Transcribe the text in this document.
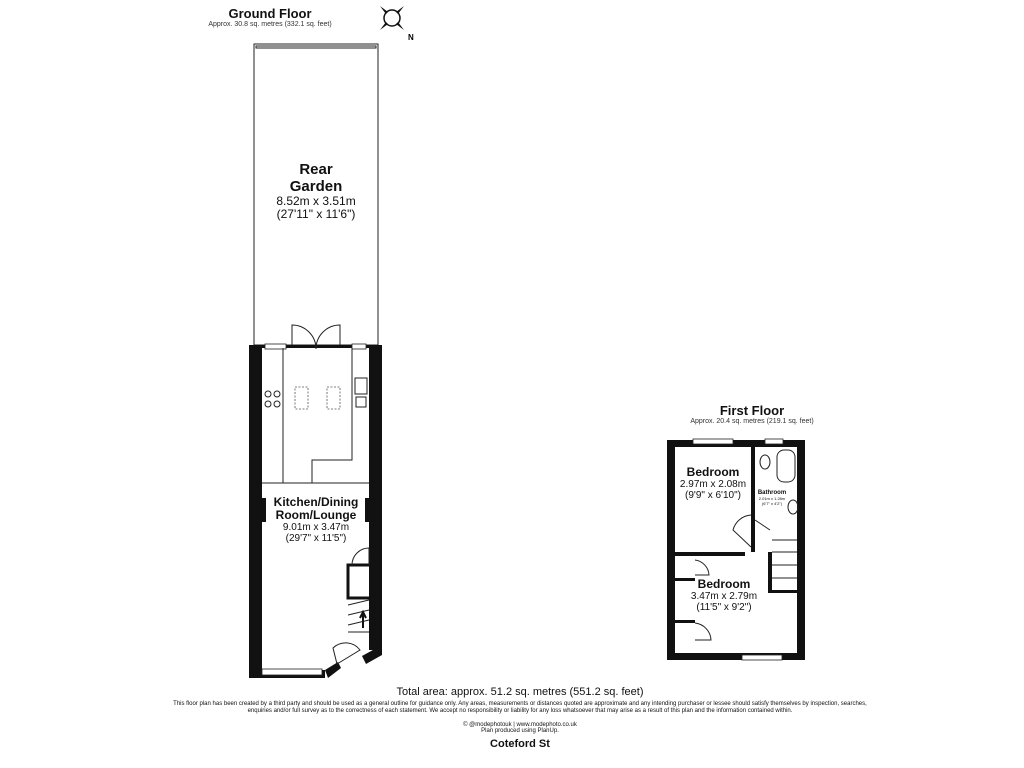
N
Ground Floor
Approx. 30.8 sq. metres (332.1 sq. feet)
Rear
Garden
8.52m x 3.51m
(27'11" x 11'6")
Kitchen/Dining
Room/Lounge
9.01m x 3.47m
(29'7" x 11'5")
First Floor
Approx. 20.4 sq. metres (219.1 sq. feet)
Bedroom
2.97m x 2.08m
(9'9" x 6'10")	Bathroom
2.01m x 1.28m
(6'7" x 4'2")
Bedroom
3.47m x 2.79m
(11'5" x 9'2")
Total area: approx. 51.2 sq. metres (551.2 sq. feet)
This floor plan has been created by a third party and should be used as a general outline for guidance only. Any areas, measurements or distances quoted are approximate and any intending purchaser or lessee should satisfy themselves by inspection, searches, enquiries and/or full survey as to the correctness of each statement. We accept no responsibility or liability for any loss whatsoever that may arise as a result of this plan and the information contained within.
© @modephotouk | www.modephoto.co.uk
Plan produced using PlanUp.
Coteford St
